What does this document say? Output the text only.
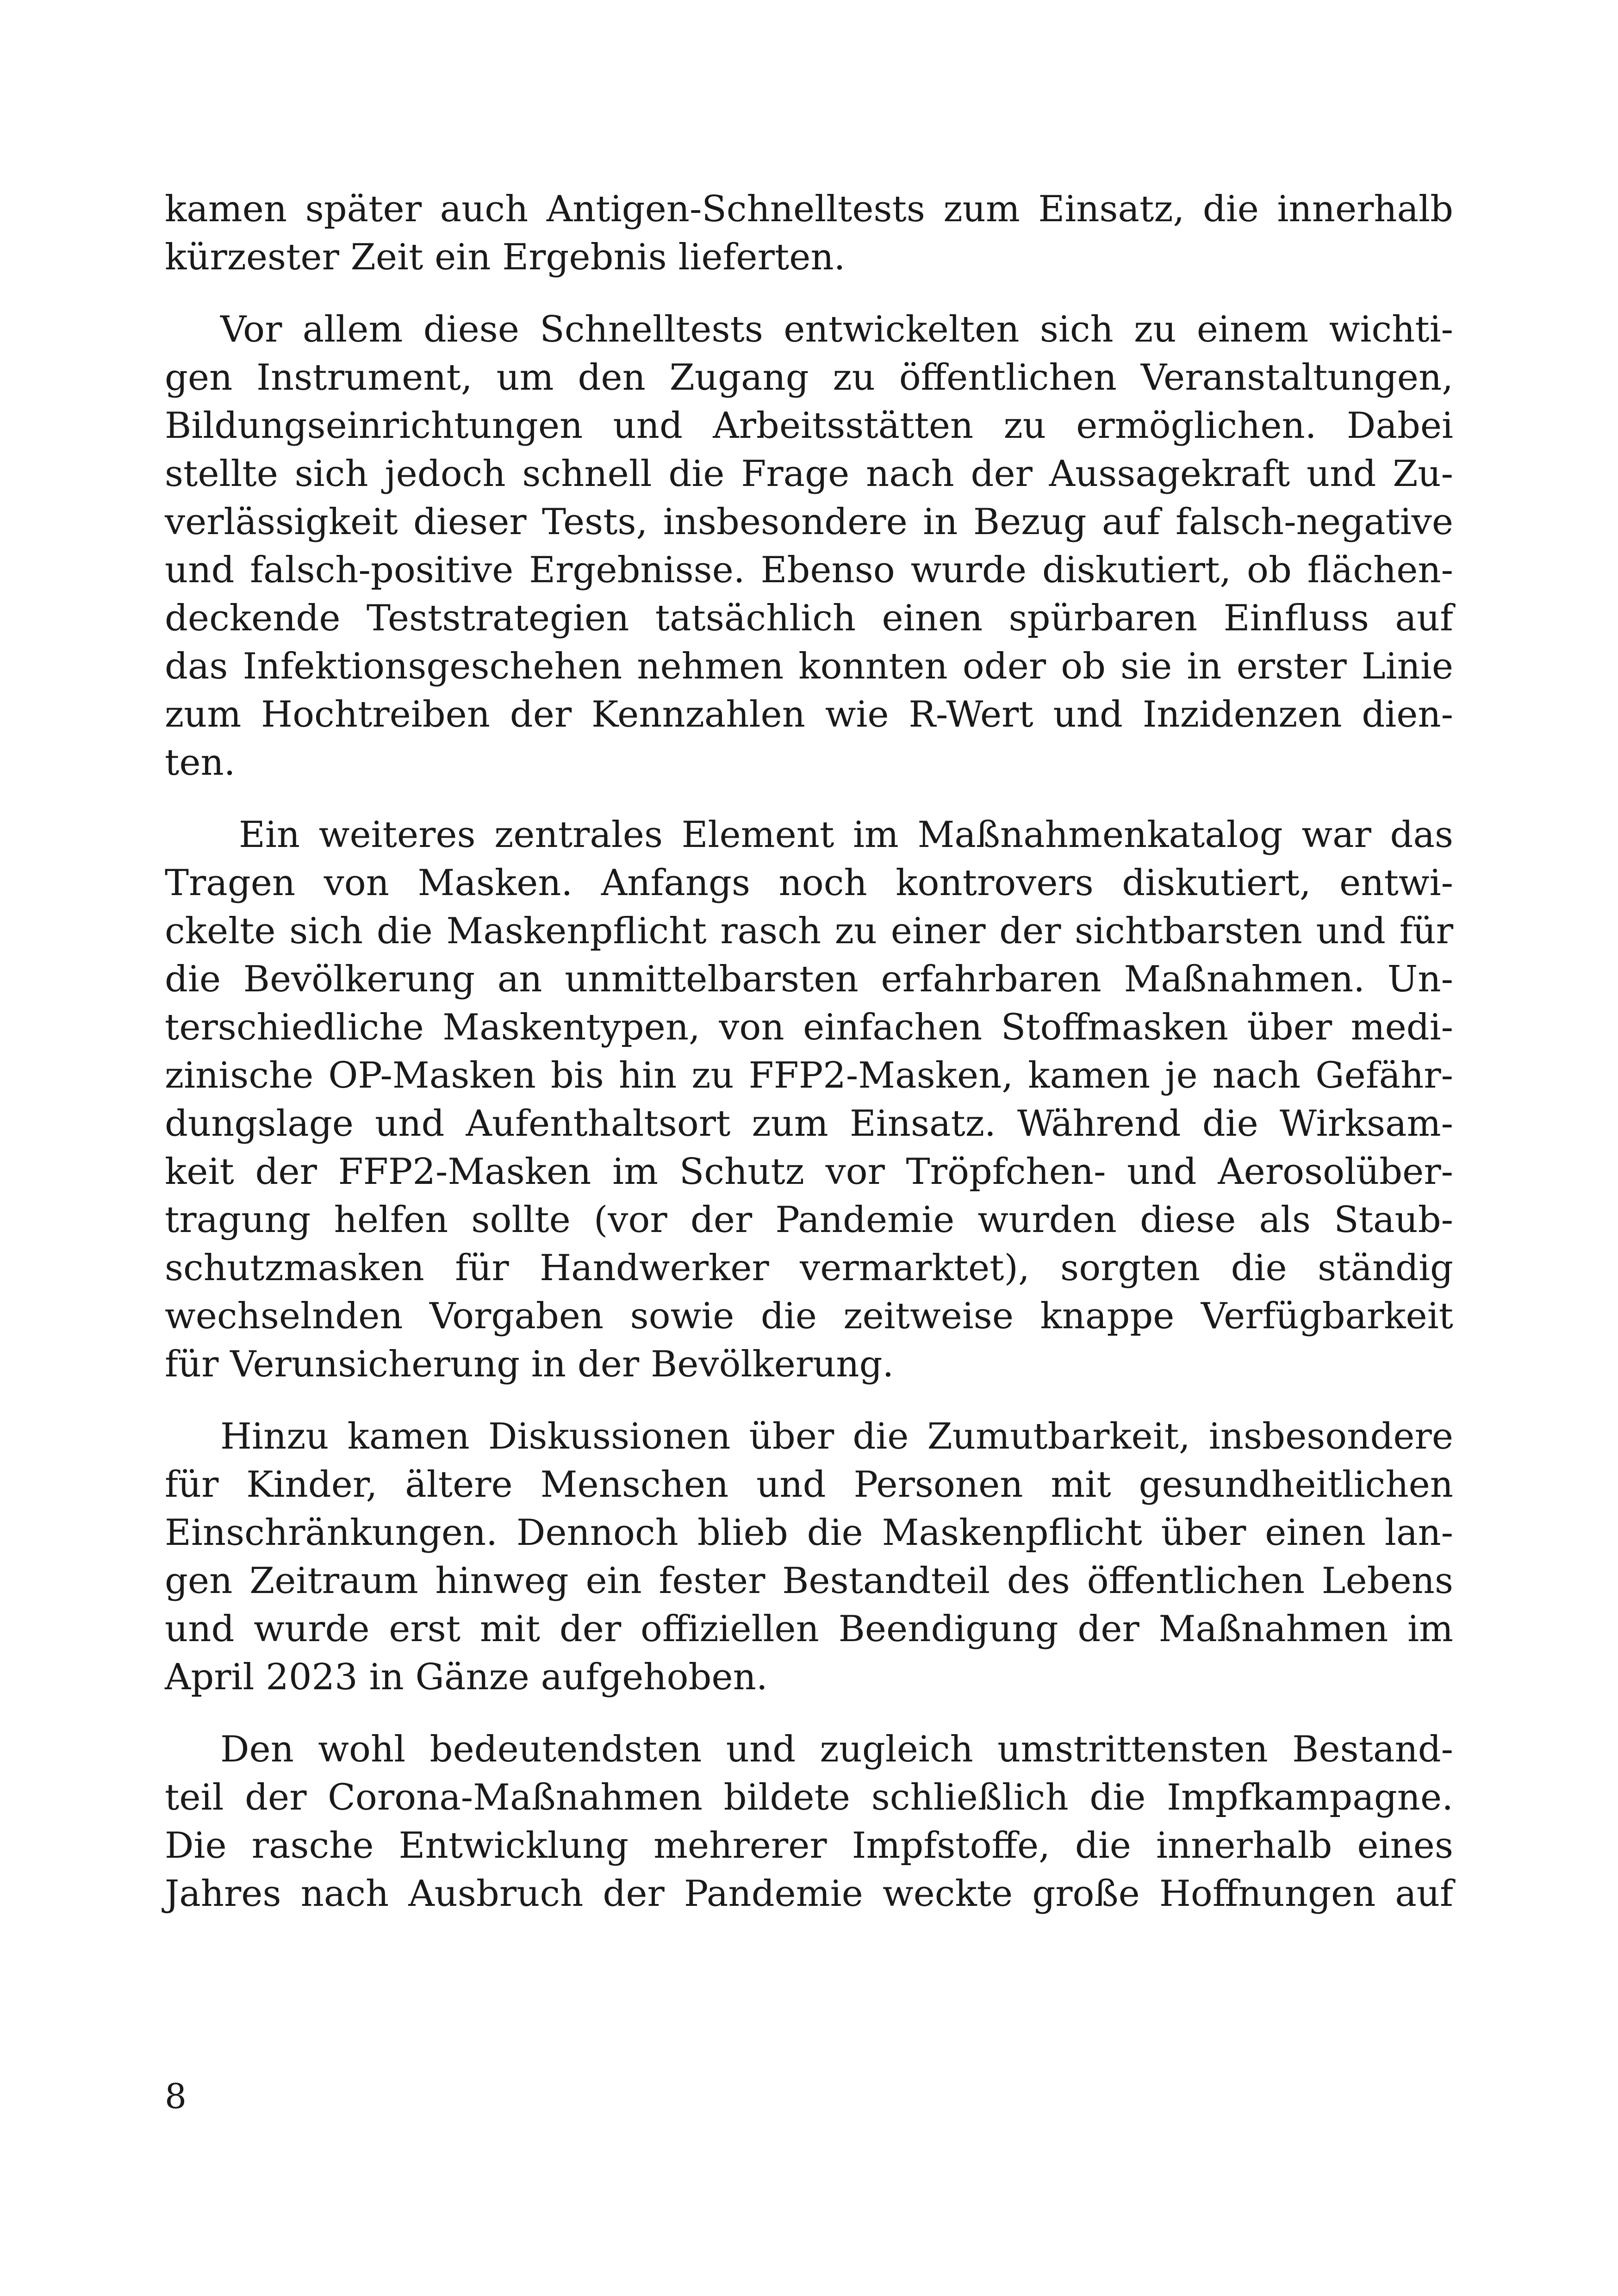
kamen später auch Antigen-Schnelltests zum Einsatz, die innerhalb
kürzester Zeit ein Ergebnis lieferten.
Vor allem diese Schnelltests entwickelten sich zu einem wichti-
gen Instrument, um den Zugang zu öffentlichen Veranstaltungen,
Bildungseinrichtungen und Arbeitsstätten zu ermöglichen. Dabei
stellte sich jedoch schnell die Frage nach der Aussagekraft und Zu-
verlässigkeit dieser Tests, insbesondere in Bezug auf falsch-negative
und falsch-positive Ergebnisse. Ebenso wurde diskutiert, ob flächen-
deckende Teststrategien tatsächlich einen spürbaren Einfluss auf
das Infektionsgeschehen nehmen konnten oder ob sie in erster Linie
zum Hochtreiben der Kennzahlen wie R-Wert und Inzidenzen dien-
ten.
Ein weiteres zentrales Element im Maßnahmenkatalog war das
Tragen von Masken. Anfangs noch kontrovers diskutiert, entwi-
ckelte sich die Maskenpflicht rasch zu einer der sichtbarsten und für
die Bevölkerung an unmittelbarsten erfahrbaren Maßnahmen. Un-
terschiedliche Maskentypen, von einfachen Stoffmasken über medi-
zinische OP-Masken bis hin zu FFP2-Masken, kamen je nach Gefähr-
dungslage und Aufenthaltsort zum Einsatz. Während die Wirksam-
keit der FFP2-Masken im Schutz vor Tröpfchen- und Aerosolüber-
tragung helfen sollte (vor der Pandemie wurden diese als Staub-
schutzmasken für Handwerker vermarktet), sorgten die ständig
wechselnden Vorgaben sowie die zeitweise knappe Verfügbarkeit
für Verunsicherung in der Bevölkerung.
Hinzu kamen Diskussionen über die Zumutbarkeit, insbesondere
für Kinder, ältere Menschen und Personen mit gesundheitlichen
Einschränkungen. Dennoch blieb die Maskenpflicht über einen lan-
gen Zeitraum hinweg ein fester Bestandteil des öffentlichen Lebens
und wurde erst mit der offiziellen Beendigung der Maßnahmen im
April 2023 in Gänze aufgehoben.
Den wohl bedeutendsten und zugleich umstrittensten Bestand-
teil der Corona-Maßnahmen bildete schließlich die Impfkampagne.
Die rasche Entwicklung mehrerer Impfstoffe, die innerhalb eines
Jahres nach Ausbruch der Pandemie weckte große Hoffnungen auf
8
